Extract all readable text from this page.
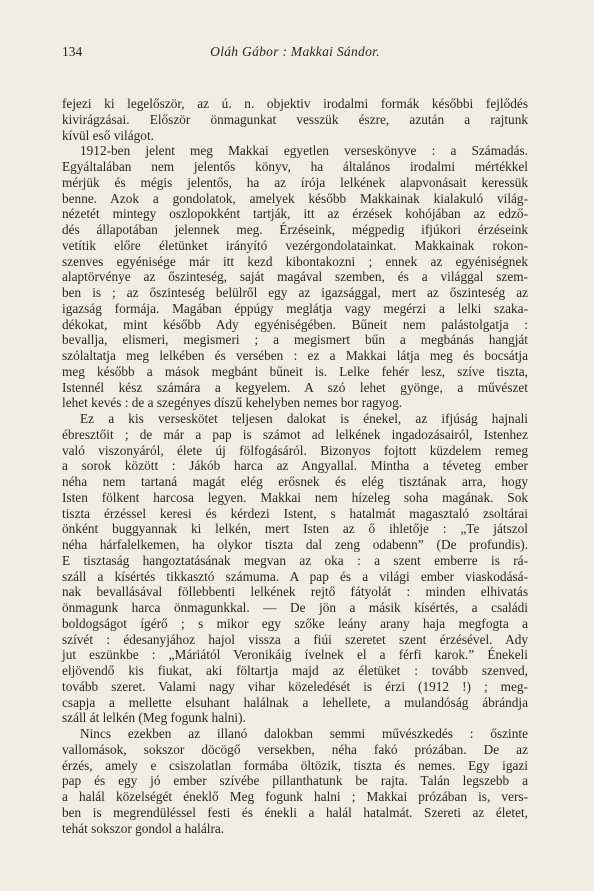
134	Oláh Gábor : Makkai Sándor.

fejezi ki legelőször, az ú. n. objektiv irodalmi formák későbbi fejlődés
kivirágzásai. Először önmagunkat vesszük észre, azután a rajtunk
kívül eső világot.

1912-ben jelent meg Makkai egyetlen verseskönyve : a Számadás.
Egyáltalában nem jelentős könyv, ha általános irodalmi mértékkel
mérjük és mégis jelentős, ha az írója lelkének alapvonásait keressük
benne. Azok a gondolatok, amelyek később Makkainak kialakuló világ-
nézetét mintegy oszlopokként tartják, itt az érzések kohójában az edző-
dés állapotában jelennek meg. Érzéseink, mégpedig ifjúkori érzéseink
vetítik előre életünket irányító vezérgondolatainkat. Makkainak rokon-
szenves egyénisége már itt kezd kibontakozni ; ennek az egyéniségnek
alaptörvénye az őszinteség, saját magával szemben, és a világgal szem-
ben is ; az őszinteség belülről egy az igazsággal, mert az őszinteség az
igazság formája. Magában éppúgy meglátja vagy megérzi a lelki szaka-
dékokat, mint később Ady egyéniségében. Bűneit nem palástolgatja :
bevallja, elismeri, megismeri ; a megismert bűn a megbánás hangját
szólaltatja meg lelkében és versében : ez a Makkai látja meg és bocsátja
meg később a mások megbánt bűneit is. Lelke fehér lesz, szíve tiszta,
Istennél kész számára a kegyelem. A szó lehet gyönge, a művészet
lehet kevés : de a szegényes díszű kehelyben nemes bor ragyog.

Ez a kis verseskötet teljesen dalokat is énekel, az ifjúság hajnali
ébresztőit ; de már a pap is számot ad lelkének ingadozásairól, Istenhez
való viszonyáról, élete új fölfogásáról. Bizonyos fojtott küzdelem remeg
a sorok között : Jákób harca az Angyallal. Mintha a téveteg ember
néha nem tartaná magát elég erősnek és elég tisztának arra, hogy
Isten fölkent harcosa legyen. Makkai nem hízeleg soha magának. Sok
tiszta érzéssel keresi és kérdezi Istent, s hatalmát magasztaló zsoltárai
önként buggyannak ki lelkén, mert Isten az ő ihletője : „Te játszol
néha hárfalelkemen, ha olykor tiszta dal zeng odabenn” (De profundis).
E tisztaság hangoztatásának megvan az oka : a szent emberre is rá-
száll a kísértés tikkasztó számuma. A pap és a világi ember viaskodásá-
nak bevallásával föllebbenti lelkének rejtő fátyolát : minden elhivatás
önmagunk harca önmagunkkal. — De jön a másik kísértés, a családi
boldogságot ígérő ; s mikor egy szőke leány arany haja megfogta a
szívét : édesanyjához hajol vissza a fiúi szeretet szent érzésével. Ady
jut eszünkbe : „Máriától Veronikáig ívelnek el a férfi karok.” Énekeli
eljövendő kis fiukat, aki föltartja majd az életüket : tovább szenved,
tovább szeret. Valami nagy vihar közeledését is érzi (1912 !) ; meg-
csapja a mellette elsuhant halálnak a lehellete, a mulandóság ábrándja
száll át lelkén (Meg fogunk halni).

Nincs ezekben az illanó dalokban semmi művészkedés : őszinte
vallomások, sokszor döcögő versekben, néha fakó prózában. De az
érzés, amely e csiszolatlan formába öltözik, tiszta és nemes. Egy igazi
pap és egy jó ember szívébe pillanthatunk be rajta. Talán legszebb a
a halál közelségét éneklő Meg fogunk halni ; Makkai prózában is, vers-
ben is megrendüléssel festi és énekli a halál hatalmát. Szereti az életet,
tehát sokszor gondol a halálra.
